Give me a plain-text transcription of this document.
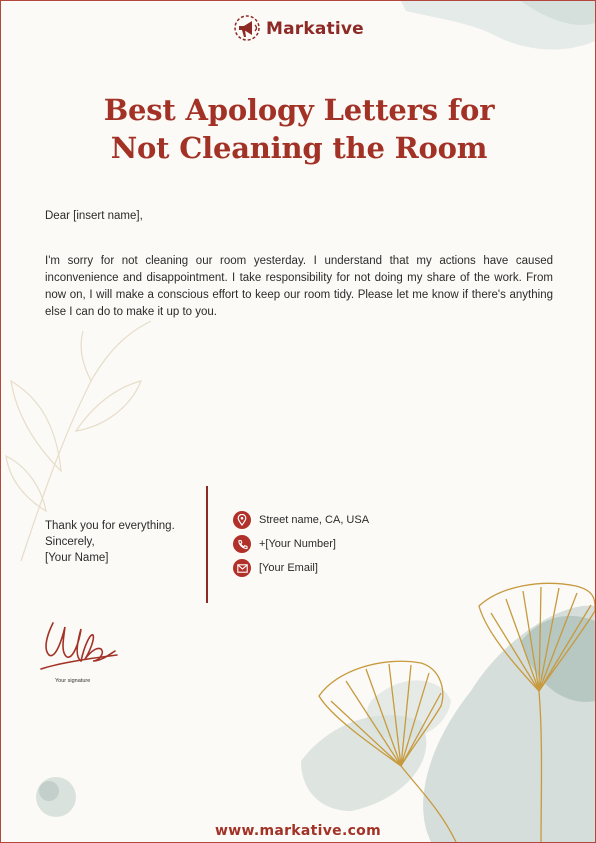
Markative
Best Apology Letters for
Not Cleaning the Room
Dear [insert name],

I'm sorry for not cleaning our room yesterday. I understand that my actions have caused inconvenience and disappointment. I take responsibility for not doing my share of the work. From now on, I will make a conscious effort to keep our room tidy. Please let me know if there's anything else I can do to make it up to you.

Thank you for everything.
Sincerely,
[Your Name]
Street name, CA, USA
+[Your Number]
[Your Email]
Your signature
www.markative.com
